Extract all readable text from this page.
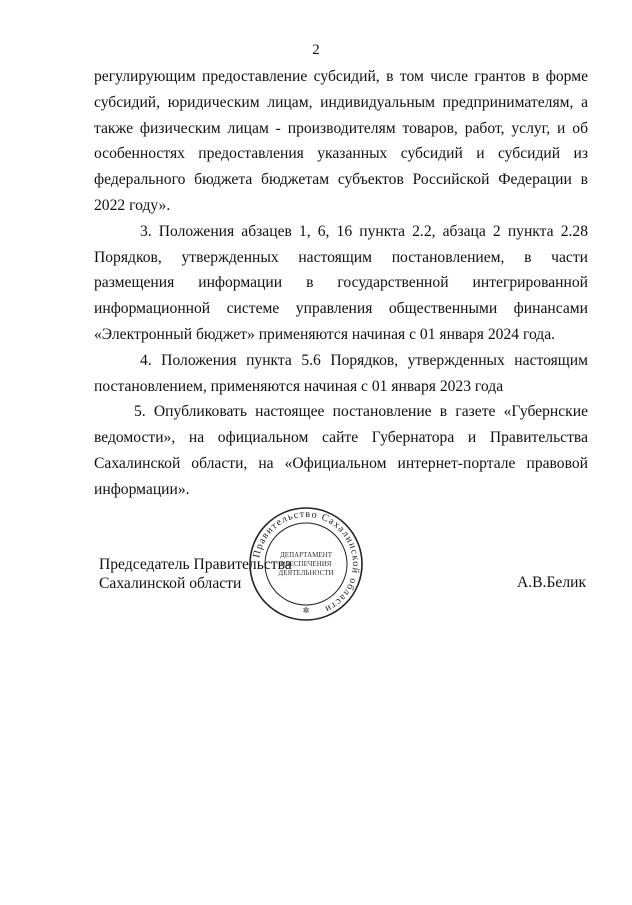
2

регулирующим предоставление субсидий, в том числе грантов в форме субсидий, юридическим лицам, индивидуальным предпринимателям, а также физическим лицам - производителям товаров, работ, услуг, и об особенностях предоставления указанных субсидий и субсидий из федерального бюджета бюджетам субъектов Российской Федерации в 2022 году».

3. Положения абзацев 1, 6, 16 пункта 2.2, абзаца 2 пункта 2.28 Порядков, утвержденных настоящим постановлением, в части размещения информации в государственной интегрированной информационной системе управления общественными финансами «Электронный бюджет» применяются начиная с 01 января 2024 года.

4. Положения пункта 5.6 Порядков, утвержденных настоящим постановлением, применяются начиная с 01 января 2023 года

5. Опубликовать настоящее постановление в газете «Губернские ведомости», на официальном сайте Губернатора и Правительства Сахалинской области, на «Официальном интернет-портале правовой информации».

Правительство Сахалинской области
ДЕПАРТАМЕНТ
ОБЕСПЕЧЕНИЯ
ДЕЯТЕЛЬНОСТИ
✲
Председатель Правительства
Сахалинской области	А.В.Белик
